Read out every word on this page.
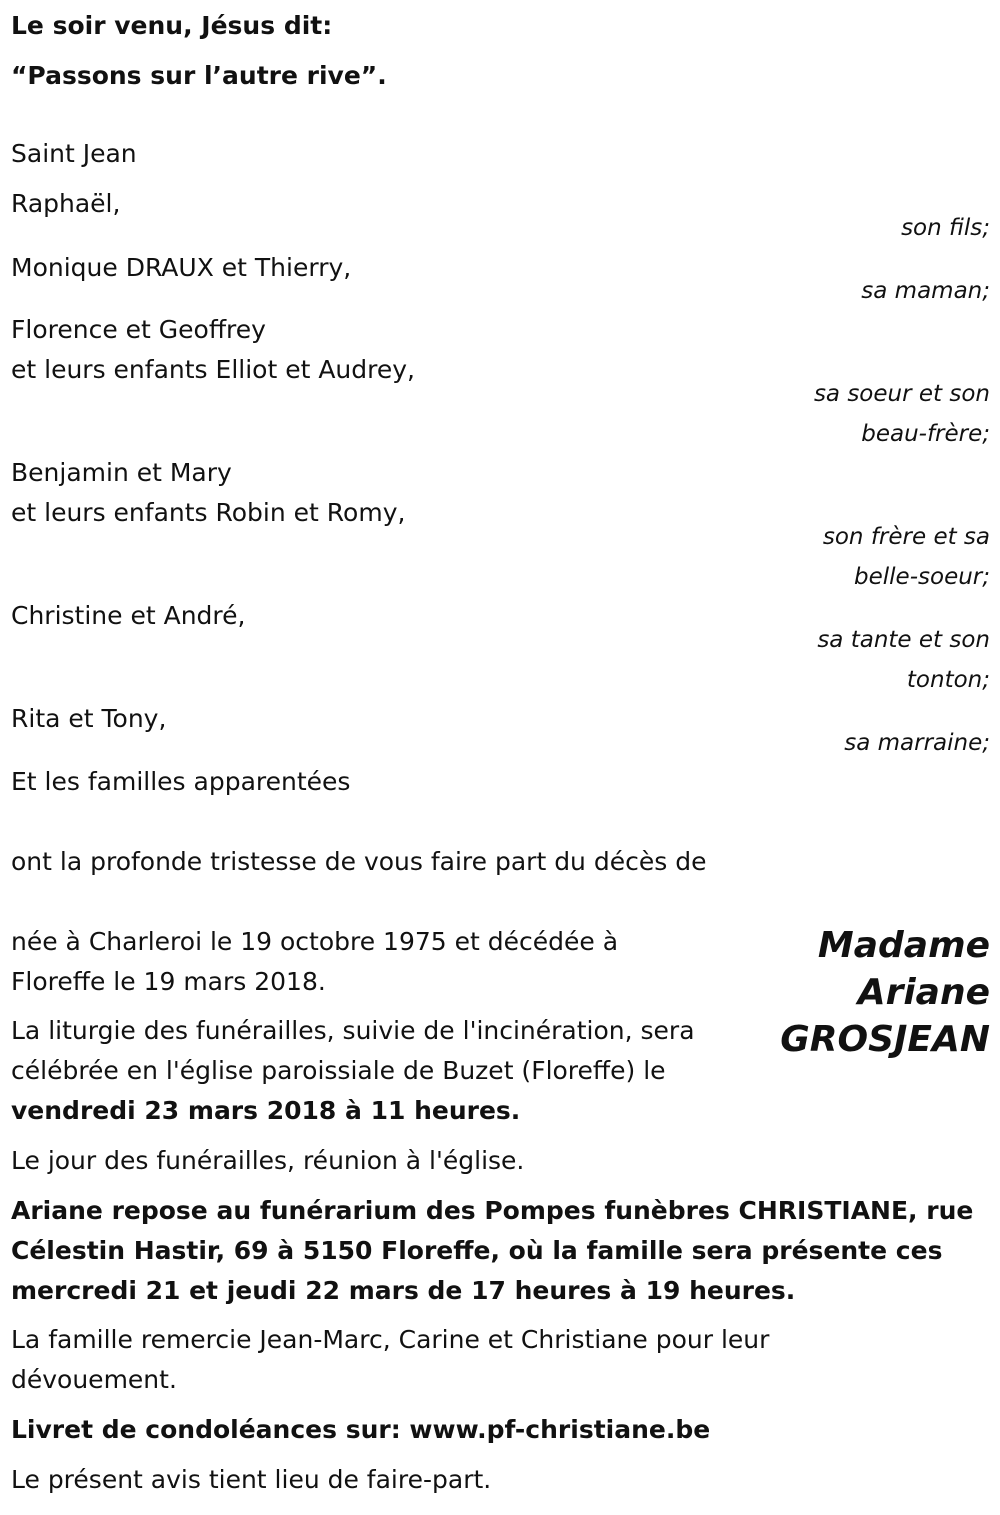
Le soir venu, Jésus dit:

“Passons sur l’autre rive”.

Saint Jean

Raphaël,

son fils;

Monique DRAUX et Thierry,

sa maman;

Florence et Geoffrey

et leurs enfants Elliot et Audrey,

sa soeur et son

beau-frère;

Benjamin et Mary

et leurs enfants Robin et Romy,

son frère et sa

belle-soeur;

Christine et André,

sa tante et son

tonton;

Rita et Tony,

sa marraine;

Et les familles apparentées

ont la profonde tristesse de vous faire part du décès de

Madame
Ariane
GROSJEAN

née à Charleroi le 19 octobre 1975 et décédée à

Floreffe le 19 mars 2018.

La liturgie des funérailles, suivie de l'incinération, sera

célébrée en l'église paroissiale de Buzet (Floreffe) le

vendredi 23 mars 2018 à 11 heures.

Le jour des funérailles, réunion à l'église.

Ariane repose au funérarium des Pompes funèbres CHRISTIANE, rue

Célestin Hastir, 69 à 5150 Floreffe, où la famille sera présente ces

mercredi 21 et jeudi 22 mars de 17 heures à 19 heures.

La famille remercie Jean-Marc, Carine et Christiane pour leur

dévouement.

Livret de condoléances sur: www.pf-christiane.be

Le présent avis tient lieu de faire-part.
